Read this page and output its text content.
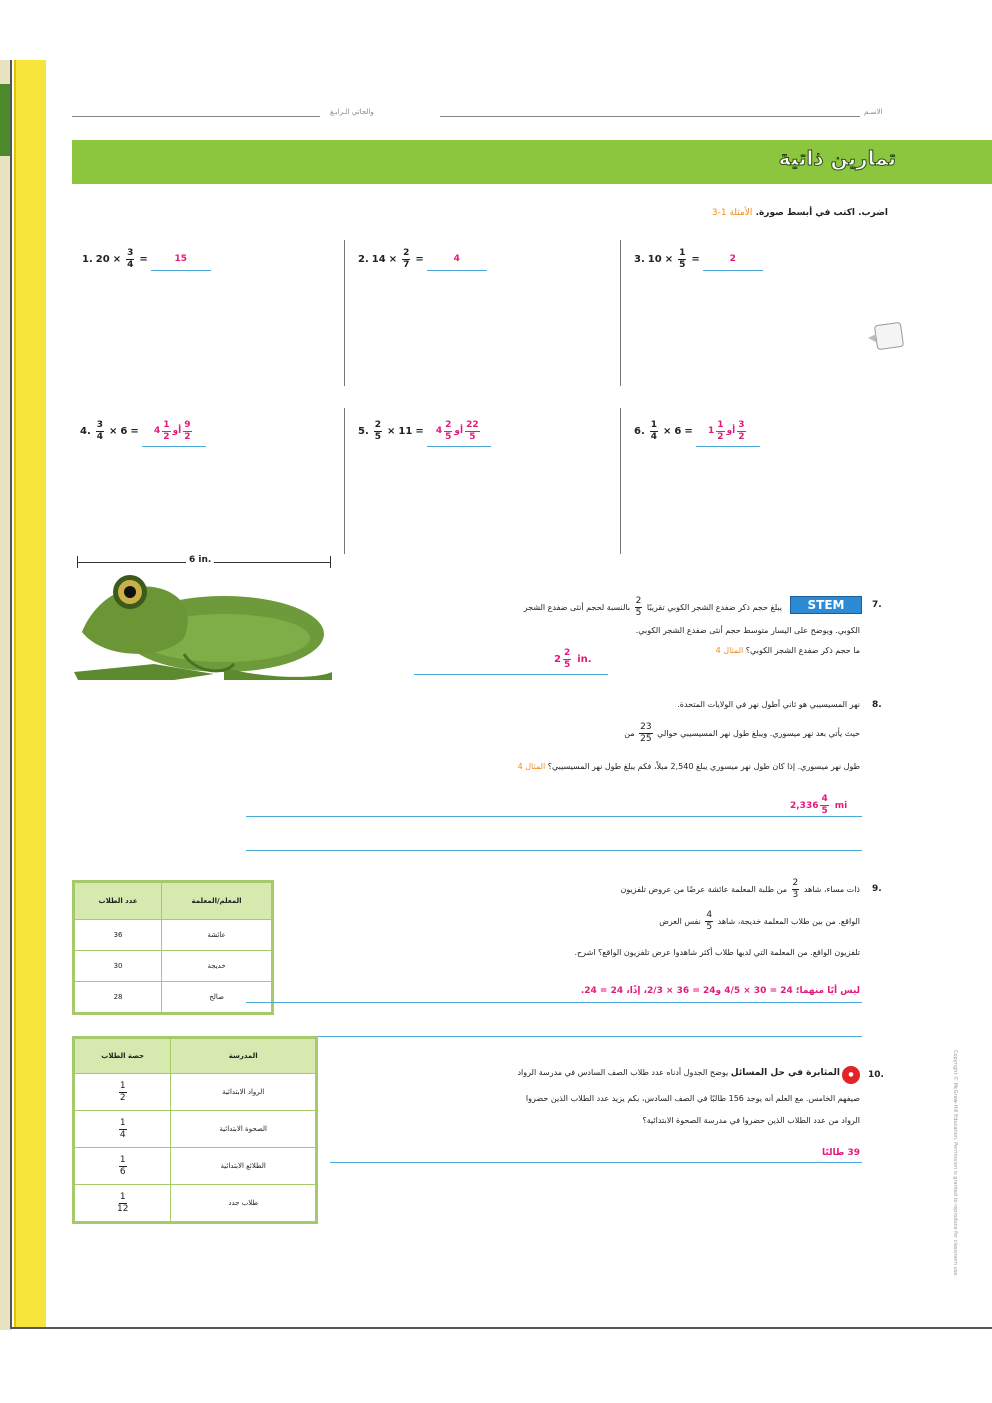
الاسـم
والجاتي الـرابـغ
تمارين ذاتية
اضرب. اكتب في أبسط صورة. الأمثلة 1-3
1. $20 \times \frac{3}{4}$ =	15	2. $14 \times \frac{2}{7}$ =	4	3. $10 \times \frac{1}{5}$ =	2
4. $\frac{3}{4} \times 6 = 4 \frac{1}{2}$ أو $\frac{9}{2}$	5. $\frac{2}{5} \times 11 = 4 \frac{2}{5}$ أو $\frac{22}{5}$	6. $\frac{1}{4} \times 6 = 1 \frac{1}{2}$ أو $\frac{3}{2}$
6 in.
7.
STEM
يبلغ حجم ذكر ضفدع الشجر الكوبي تقريبًا
$\frac{2}{5}$
بالنسبة لحجم أنثى ضفدع الشجر
الكوبي. ويوضح على اليسار متوسط حجم أنثى ضفدع الشجر الكوبي.
ما حجم ذكر ضفدع الشجر الكوبي؟ المثال 4
$2 \frac{2}{5}$ in.
8.
نهر المسيسيبي هو ثاني أطول نهر في الولايات المتحدة.
حيث يأتي بعد نهر ميسوري. ويبلغ طول نهر المسيسيبي حوالي
$\frac{23}{25}$
من
طول نهر ميسوري. إذا كان طول نهر ميسوري يبلغ 2,540 ميلاً، فكم يبلغ طول نهر المسيسيبي؟ المثال 4
$2,336 \frac{4}{5}$ mi
المعلم/المعلمة	عدد الطلاب
عائشة	36
خديجة	30
صالح	28
9.
ذات مساء، شاهد
$\frac{2}{3}$
من طلبة المعلمة عائشة عرضًا من عروض تلفزيون
الواقع. من بين طلاب المعلمة خديجة، شاهد
$\frac{4}{5}$
نفس العرض
تلفزيون الواقع. من المعلمة التي لديها طلاب أكثر شاهدوا عرض تلفزيون الواقع؟ اشرح.
ليس أيًا منهما؛ 24 = 30 × 4/5 و24 = 36 × 2/3، إذًا، 24 = 24.
المدرسة	حصة الطلاب
الرواد الابتدائية	$\frac{1}{2}$

الصحوة الابتدائية	$\frac{1}{4}$

الطلائع الابتدائية	$\frac{1}{6}$

طلاب جدد	$\frac{1}{12}$
10.
●
المثابرة في حل المسائل يوضح الجدول أدناه عدد طلاب الصف السادس في مدرسة الرواد
صيفهم الخامس. مع العلم أنه يوجد 156 طالبًا في الصف السادس، بكم يزيد عدد الطلاب الذين حضروا
الرواد من عدد الطلاب الذين حضروا في مدرسة الصحوة الابتدائية؟
39 طالبًا	Copyright © McGraw-Hill Education. Permission is granted to reproduce for classroom use.
